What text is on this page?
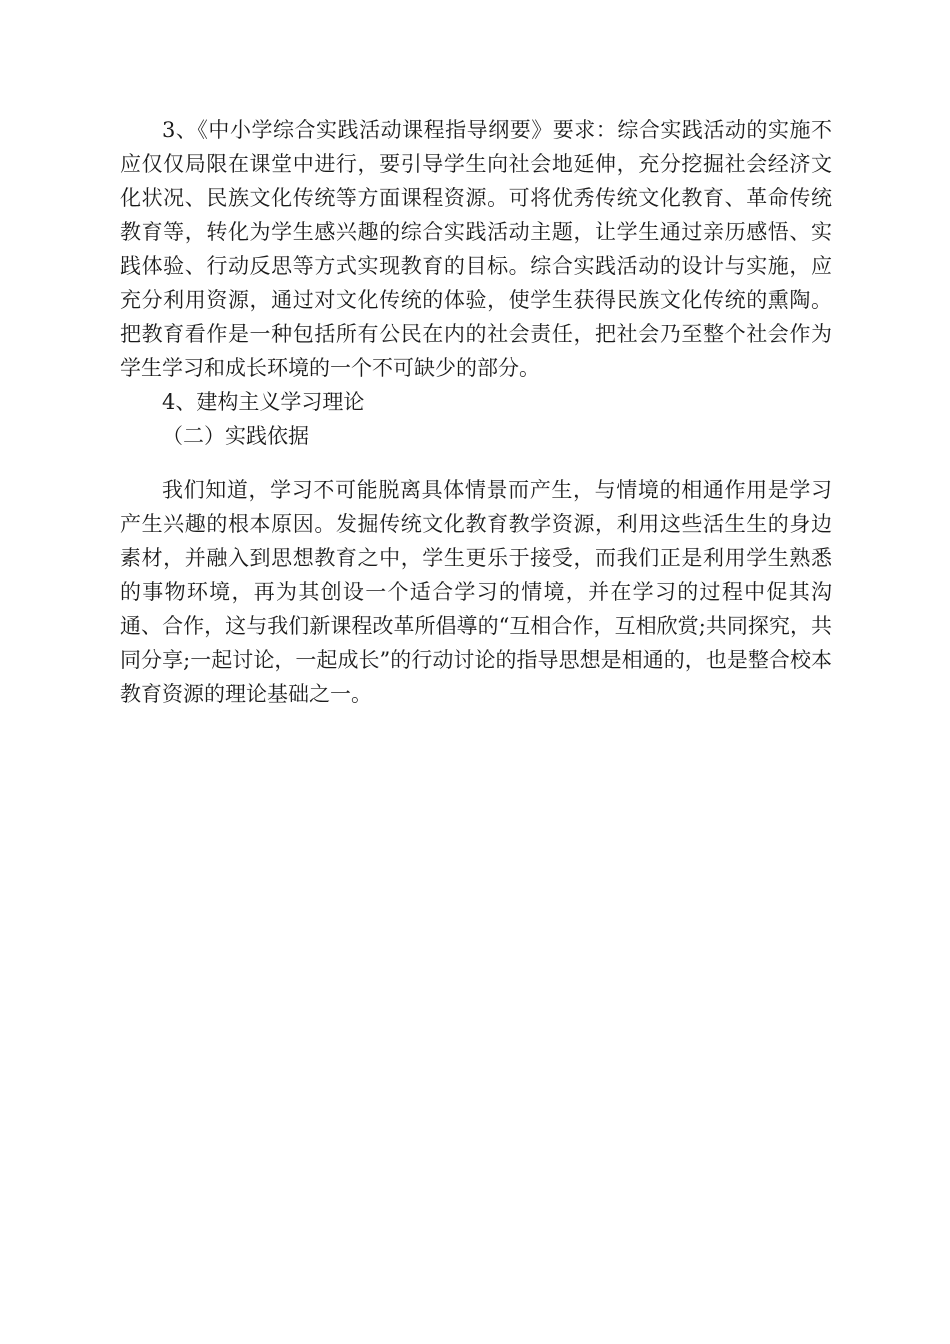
3、《中小学综合实践活动课程指导纲要》要求：综合实践活动的实施不应仅仅局限在课堂中进行，要引导学生向社会地延伸，充分挖掘社会经济文化状况、民族文化传统等方面课程资源。可将优秀传统文化教育、革命传统教育等，转化为学生感兴趣的综合实践活动主题，让学生通过亲历感悟、实践体验、行动反思等方式实现教育的目标。综合实践活动的设计与实施，应充分利用资源，通过对文化传统的体验，使学生获得民族文化传统的熏陶。把教育看作是一种包括所有公民在内的社会责任，把社会乃至整个社会作为学生学习和成长环境的一个不可缺少的部分。

4、建构主义学习理论

（二）实践依据

我们知道，学习不可能脱离具体情景而产生，与情境的相通作用是学习产生兴趣的根本原因。发掘传统文化教育教学资源，利用这些活生生的身边素材，并融入到思想教育之中，学生更乐于接受，而我们正是利用学生熟悉的事物环境，再为其创设一个适合学习的情境，并在学习的过程中促其沟通、合作，这与我们新课程改革所倡導的“互相合作，互相欣赏;共同探究，共同分享;一起讨论，一起成长”的行动讨论的指导思想是相通的，也是整合校本教育资源的理论基础之一。
